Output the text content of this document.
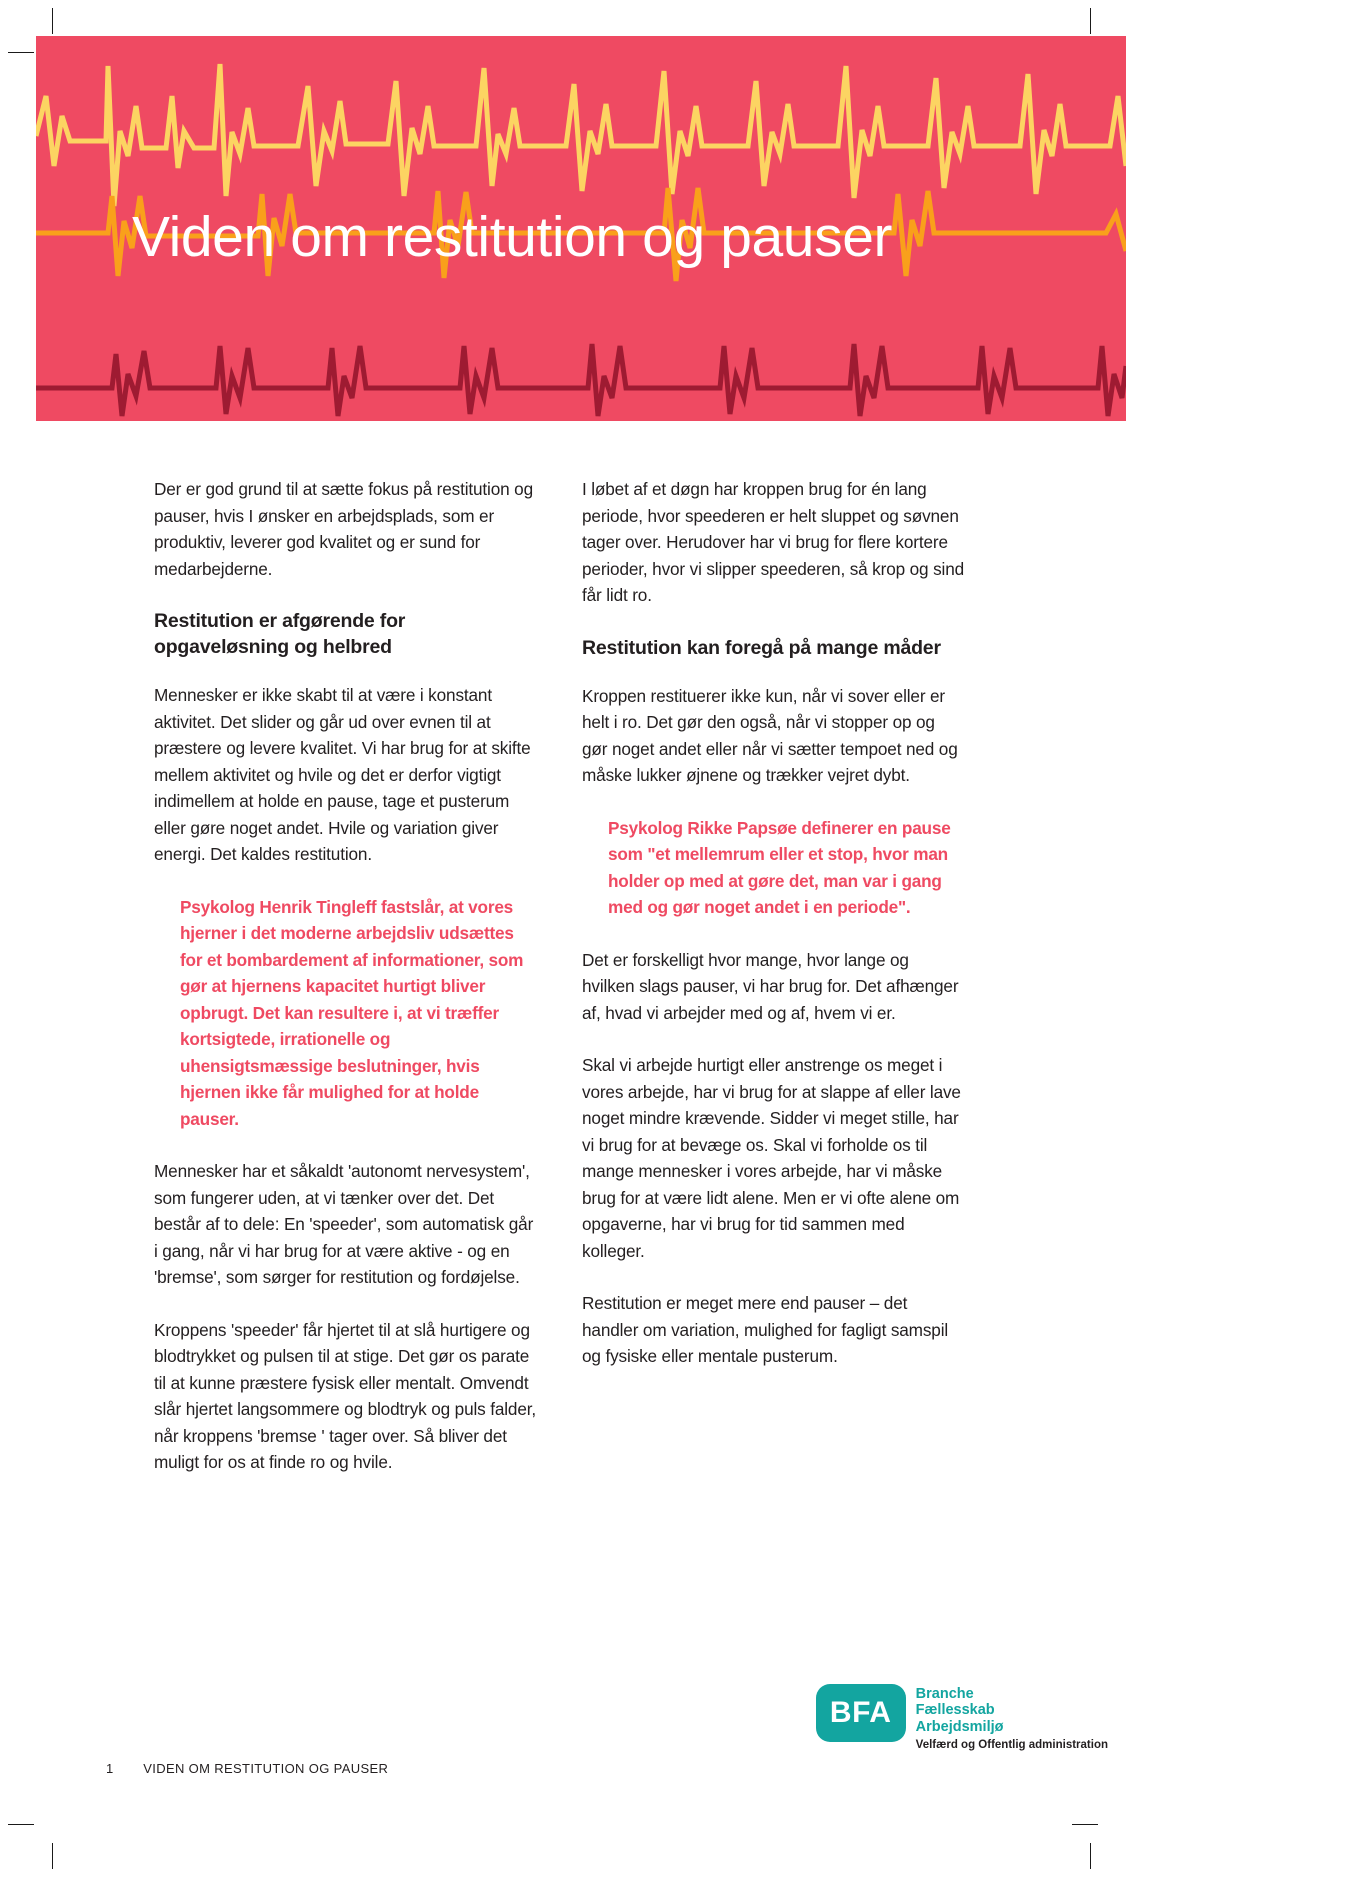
Viden om restitution og pauser

Der er god grund til at sætte fokus på restitution og pauser, hvis I ønsker en arbejdsplads, som er produktiv, leverer god kvalitet og er sund for medarbejderne.

Restitution er afgørende for opgaveløsning og helbred

Mennesker er ikke skabt til at være i konstant aktivitet. Det slider og går ud over evnen til at præstere og levere kvalitet. Vi har brug for at skifte mellem aktivitet og hvile og det er derfor vigtigt indimellem at holde en pause, tage et pusterum eller gøre noget andet. Hvile og variation giver energi. Det kaldes restitution.

Psykolog Henrik Tingleff fastslår, at vores hjerner i det moderne arbejdsliv udsættes for et bombardement af informationer, som gør at hjernens kapacitet hurtigt bliver opbrugt. Det kan resultere i, at vi træffer kortsigtede, irrationelle og uhensigtsmæssige beslutninger, hvis hjernen ikke får mulighed for at holde pauser.

Mennesker har et såkaldt 'autonomt nervesystem', som fungerer uden, at vi tænker over det. Det består af to dele: En 'speeder', som automatisk går i gang, når vi har brug for at være aktive - og en 'bremse', som sørger for restitution og fordøjelse.

Kroppens 'speeder' får hjertet til at slå hurtigere og blodtrykket og pulsen til at stige. Det gør os parate til at kunne præstere fysisk eller mentalt. Omvendt slår hjertet langsommere og blodtryk og puls falder, når kroppens 'bremse ' tager over. Så bliver det muligt for os at finde ro og hvile.

I løbet af et døgn har kroppen brug for én lang periode, hvor speederen er helt sluppet og søvnen tager over. Herudover har vi brug for flere kortere perioder, hvor vi slipper speederen, så krop og sind får lidt ro.

Restitution kan foregå på mange måder

Kroppen restituerer ikke kun, når vi sover eller er helt i ro. Det gør den også, når vi stopper op og gør noget andet eller når vi sætter tempoet ned og måske lukker øjnene og trækker vejret dybt.

Psykolog Rikke Papsøe definerer en pause som "et mellemrum eller et stop, hvor man holder op med at gøre det, man var i gang med og gør noget andet i en periode".

Det er forskelligt hvor mange, hvor lange og hvilken slags pauser, vi har brug for. Det afhænger af, hvad vi arbejder med og af, hvem vi er.

Skal vi arbejde hurtigt eller anstrenge os meget i vores arbejde, har vi brug for at slappe af eller lave noget mindre krævende. Sidder vi meget stille, har vi brug for at bevæge os. Skal vi forholde os til mange mennesker i vores arbejde, har vi måske brug for at være lidt alene. Men er vi ofte alene om opgaverne, har vi brug for tid sammen med kolleger.

Restitution er meget mere end pauser – det handler om variation, mulighed for fagligt samspil og fysiske eller mentale pusterum.

1 VIDEN OM RESTITUTION OG PAUSER
BFA
Branche
Fællesskab
Arbejdsmiljø
Velfærd og Offentlig administration
